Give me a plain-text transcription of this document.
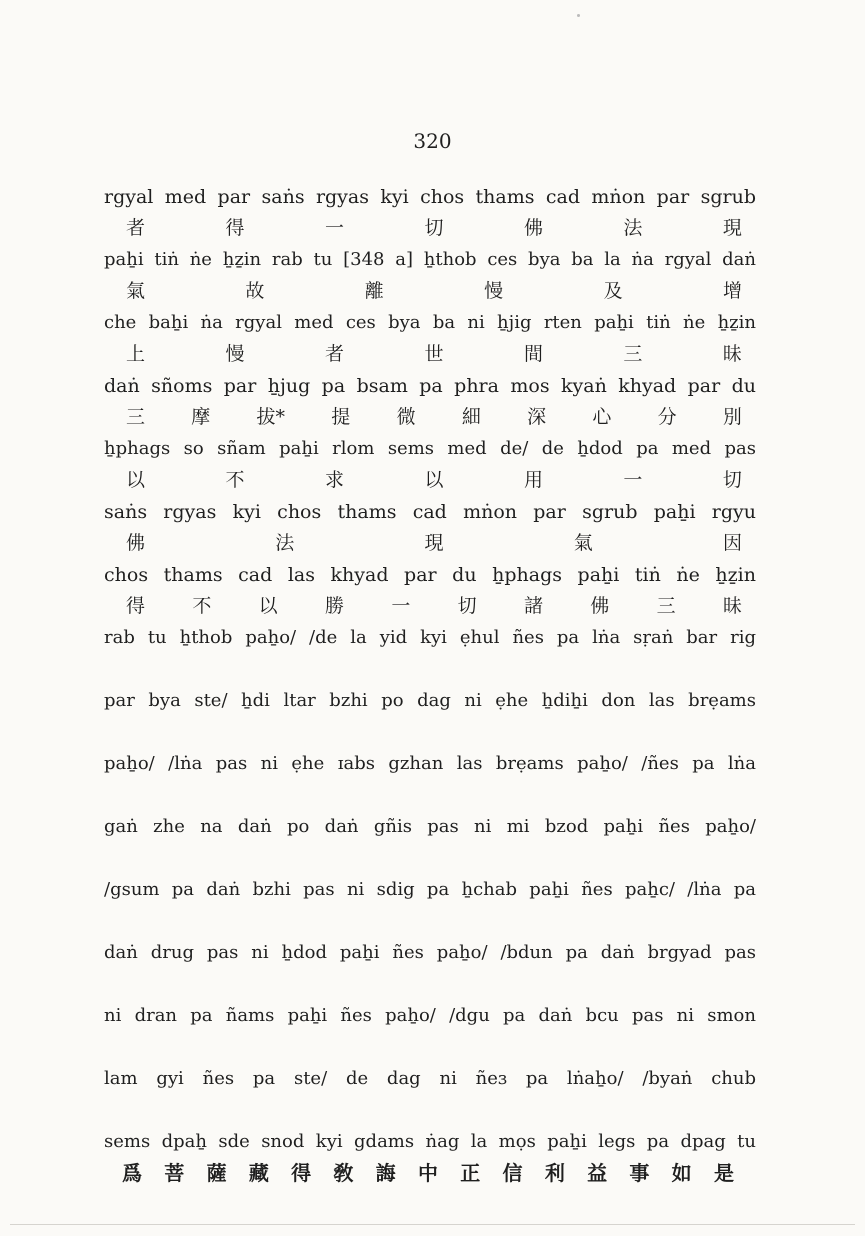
320
rgyal med par saṅs rgyas kyi chos thams cad mṅon par sgrub
者	得	一	切	佛	法	現
paẖi tiṅ ṅe ẖẕin rab tu [348 a] ẖthob ces bya ba la ṅa rgyal daṅ
氣	故	離	慢	及	增
che baẖi ṅa rgyal med ces bya ba ni ẖjig rten paẖi tiṅ ṅe ẖẕin
上	慢	者	世	間	三	昧
daṅ sñoms par ẖjug pa bsam pa phra mos kyaṅ khyad par du
三 摩 拔* 提 微 細 深 心 分 別
ẖphags so sñam paẖi rlom sems med de/ de ẖdod pa med pas
以	不	求	以	用	一	切
saṅs rgyas kyi chos thams cad mṅon par sgrub paẖi rgyu
佛	法	現	氣	因
chos thams cad las khyad par du ẖphags paẖi tiṅ ṅe ẖẕin
得 不 以 勝 一 切 諸 佛 三 昧
rab tu ẖthob paẖo/ /de la yid kyi ẹhul ñes pa lṅa sṛaṅ bar rig
par bya ste/ ẖdi ltar bzhi po dag ni ẹhe ẖdiẖi don las brẹams
paẖo/ /lṅa pas ni ẹhe ɪabs gzhan las brẹams paẖo/ /ñes pa lṅa
gaṅ zhe na daṅ po daṅ gñis pas ni mi bzod paẖi ñes paẖo/
/gsum pa daṅ bzhi pas ni sdig pa ẖchab paẖi ñes paẖc/ /lṅa pa
daṅ drug pas ni ẖdod paẖi ñes paẖo/ /bdun pa daṅ brgyad pas
ni dran pa ñams paẖi ñes paẖo/ /dgu pa daṅ bcu pas ni smon
lam gyi ñes pa ste/ de dag ni ñeɜ pa lṅaẖo/ /byaṅ chub
sems dpaẖ sde snod kyi gdams ṅag la mọs paẖi legs pa dpag tu
爲 菩 薩 藏 得 敎 誨 中 正 信 利 益 事 如 是
